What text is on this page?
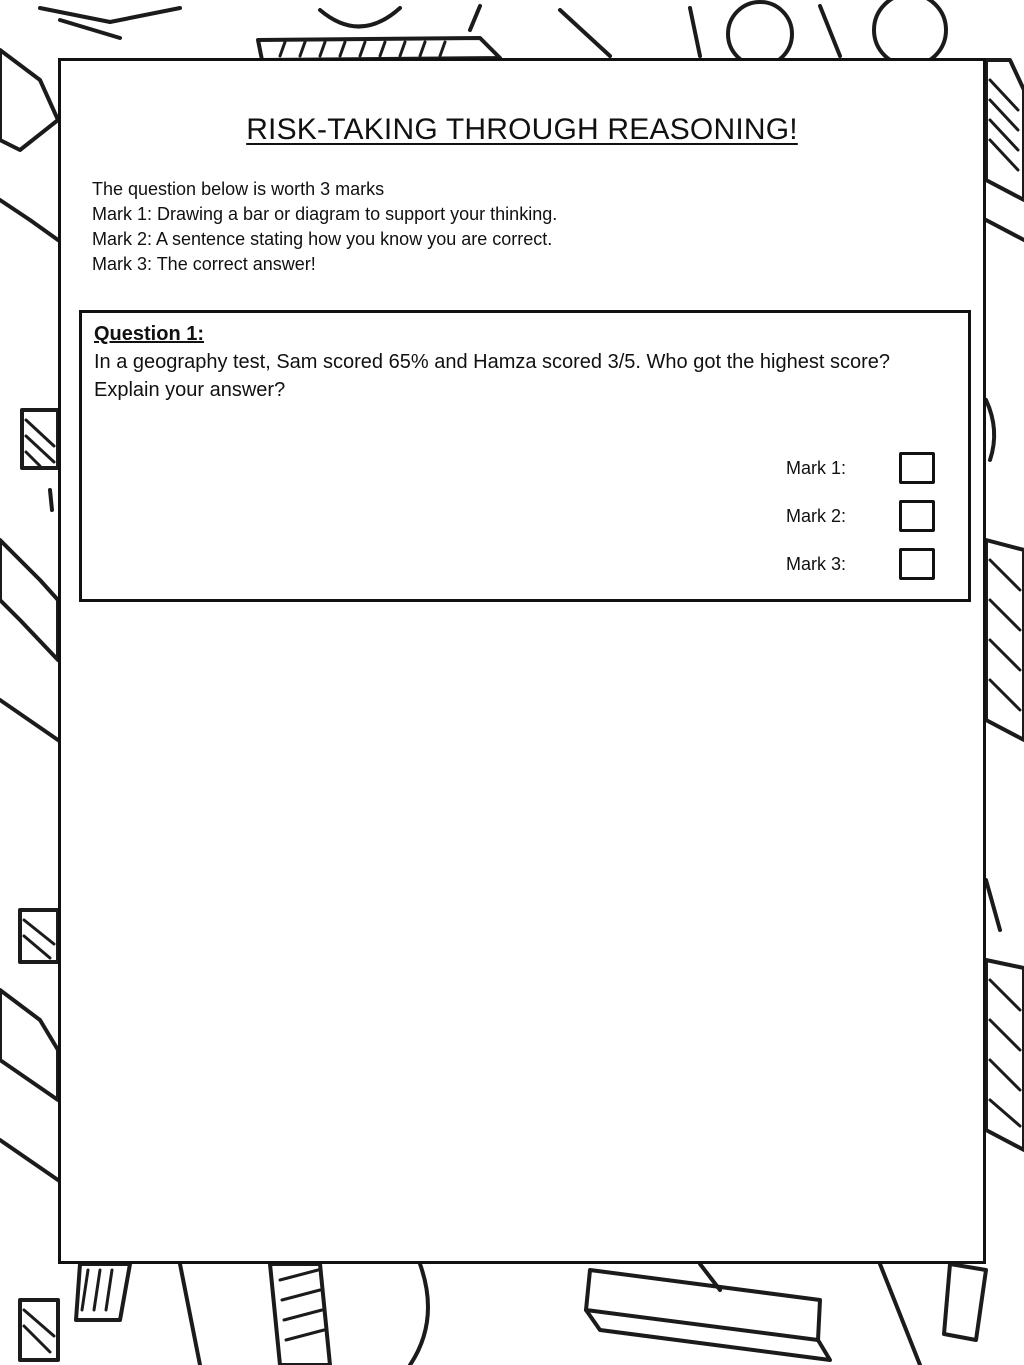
RISK-TAKING THROUGH REASONING!
The question below is worth 3 marks
Mark 1: Drawing a bar or diagram to support your thinking.
Mark 2: A sentence stating how you know you are correct.
Mark 3: The correct answer!
Question 1:
In a geography test, Sam scored 65% and Hamza scored 3/5. Who got the highest score?
Explain your answer?
Mark 1:
Mark 2:
Mark 3:
